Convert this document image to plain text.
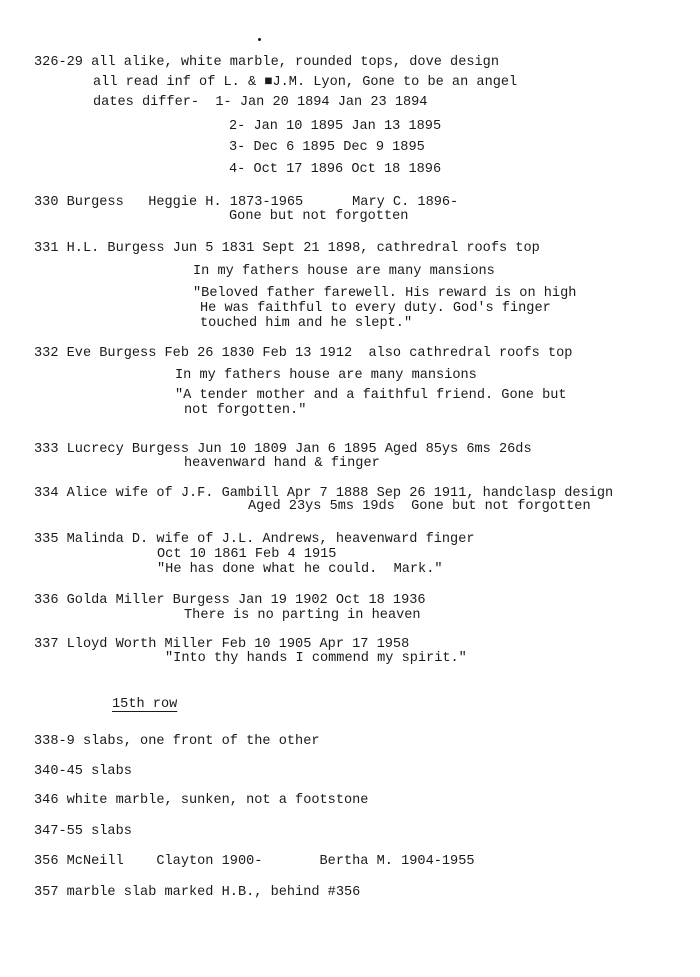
326-29 all alike, white marble, rounded tops, dove design
all read inf of L. & ■J.M. Lyon, Gone to be an angel
dates differ-  1- Jan 20 1894 Jan 23 1894
2- Jan 10 1895 Jan 13 1895
3- Dec 6 1895 Dec 9 1895
4- Oct 17 1896 Oct 18 1896
330 Burgess   Heggie H. 1873-1965      Mary C. 1896-
Gone but not forgotten
331 H.L. Burgess Jun 5 1831 Sept 21 1898, cathredral roofs top
In my fathers house are many mansions
"Beloved father farewell. His reward is on high
He was faithful to every duty. God's finger
touched him and he slept."
332 Eve Burgess Feb 26 1830 Feb 13 1912  also cathredral roofs top
In my fathers house are many mansions
"A tender mother and a faithful friend. Gone but
not forgotten."
333 Lucrecy Burgess Jun 10 1809 Jan 6 1895 Aged 85ys 6ms 26ds
heavenward hand & finger
334 Alice wife of J.F. Gambill Apr 7 1888 Sep 26 1911, handclasp design
Aged 23ys 5ms 19ds  Gone but not forgotten
335 Malinda D. wife of J.L. Andrews, heavenward finger
Oct 10 1861 Feb 4 1915
"He has done what he could.  Mark."
336 Golda Miller Burgess Jan 19 1902 Oct 18 1936
There is no parting in heaven
337 Lloyd Worth Miller Feb 10 1905 Apr 17 1958
"Into thy hands I commend my spirit."
15th row
338-9 slabs, one front of the other
340-45 slabs
346 white marble, sunken, not a footstone
347-55 slabs
356 McNeill    Clayton 1900-       Bertha M. 1904-1955
357 marble slab marked H.B., behind #356
